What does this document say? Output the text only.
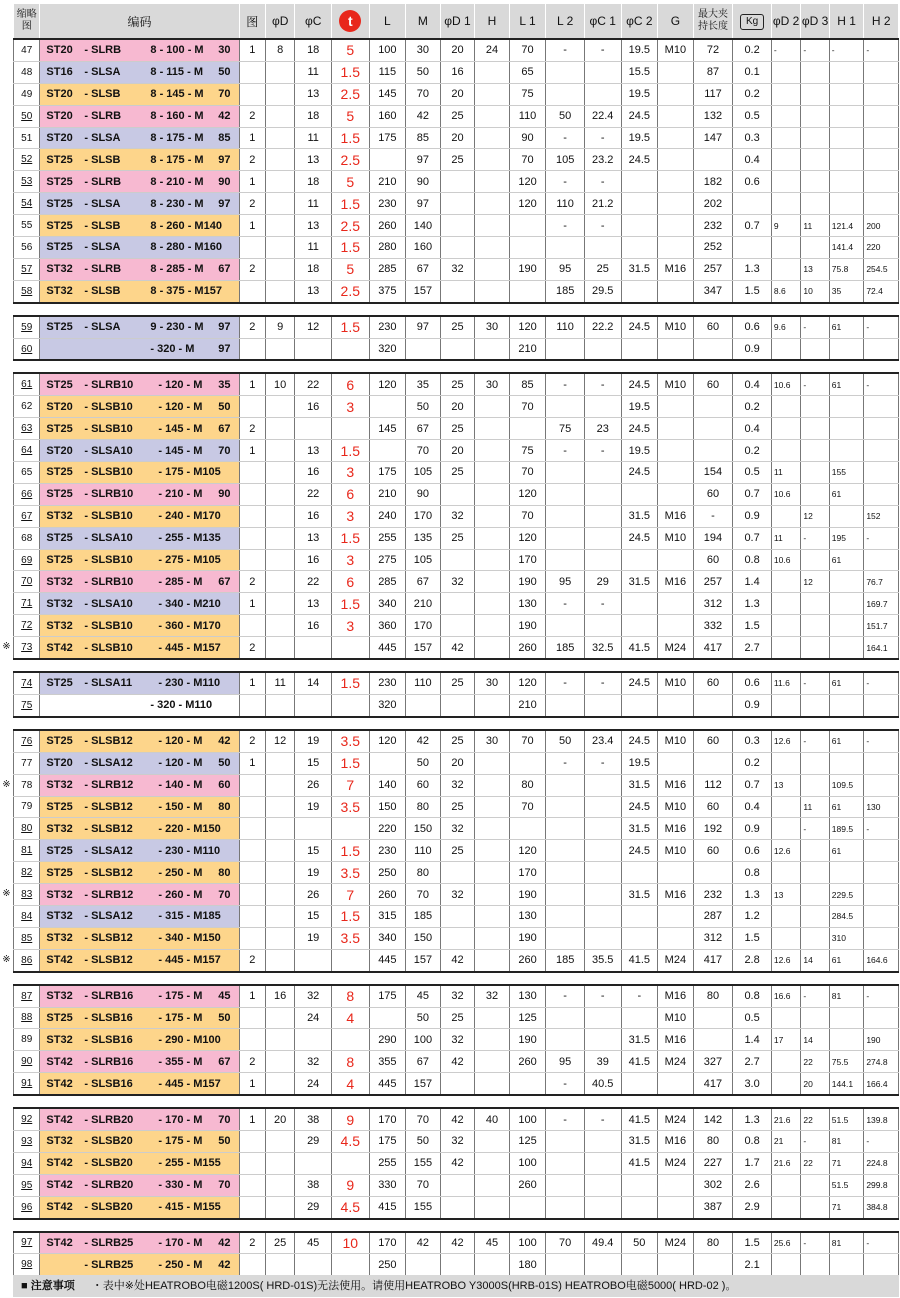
缩略图	编码	图	φD	φC	t	L	M	φD 1	H	L 1	L 2	φC 1	φC 2	G	最大夹持长度	Kg	φD 2	φD 3	H 1	H 2
47	ST20 - SLRB 8 - 100 - M 30	1	8	18	5	100	30	20	24	70	-	-	19.5	M10	72	0.2	-	-	-	-
48	ST16 - SLSA 8 - 115 - M 50			11	1.5	115	50	16		65			15.5		87	0.1				
49	ST20 - SLSB 8 - 145 - M 70			13	2.5	145	70	20		75			19.5		117	0.2				
50	ST20 - SLRB 8 - 160 - M 42	2		18	5	160	42	25		110	50	22.4	24.5		132	0.5				
51	ST20 - SLSA 8 - 175 - M 85	1		11	1.5	175	85	20		90	-	-	19.5		147	0.3				
52	ST25 - SLSB 8 - 175 - M 97	2		13	2.5		97	25		70	105	23.2	24.5			0.4				
53	ST25 - SLRB 8 - 210 - M 90	1		18	5	210	90			120	-	-			182	0.6				
54	ST25 - SLSA 8 - 230 - M 97	2		11	1.5	230	97			120	110	21.2			202					
55	ST25 - SLSB 8 - 260 - M140	1		13	2.5	260	140				-	-			232	0.7	9	11	121.4	200
56	ST25 - SLSA 8 - 280 - M160			11	1.5	280	160								252				141.4	220
57	ST32 - SLRB 8 - 285 - M 67	2		18	5	285	67	32		190	95	25	31.5	M16	257	1.3		13	75.8	254.5
58	ST32 - SLSB 8 - 375 - M157			13	2.5	375	157				185	29.5			347	1.5	8.6	10	35	72.4

59	ST25 - SLSA 9 - 230 - M 97	2	9	12	1.5	230	97	25	30	120	110	22.2	24.5	M10	60	0.6	9.6	-	61	-
60	- 320 - M 97					320				210						0.9				

61	ST25 - SLRB10 - 120 - M 35	1	10	22	6	120	35	25	30	85	-	-	24.5	M10	60	0.4	10.6	-	61	-
62	ST20 - SLSB10 - 120 - M 50			16	3		50	20		70			19.5			0.2				
63	ST25 - SLSB10 - 145 - M 67	2				145	67	25			75	23	24.5			0.4				
64	ST20 - SLSA10 - 145 - M 70	1		13	1.5		70	20		75	-	-	19.5			0.2				
65	ST25 - SLSB10 - 175 - M105			16	3	175	105	25		70			24.5		154	0.5	11		155	
66	ST25 - SLRB10 - 210 - M 90			22	6	210	90			120					60	0.7	10.6		61	
67	ST32 - SLSB10 - 240 - M170			16	3	240	170	32		70			31.5	M16	-	0.9		12		152
68	ST25 - SLSA10 - 255 - M135			13	1.5	255	135	25		120			24.5	M10	194	0.7	11	-	195	-
69	ST25 - SLSB10 - 275 - M105			16	3	275	105			170					60	0.8	10.6		61	
70	ST32 - SLRB10 - 285 - M 67	2		22	6	285	67	32		190	95	29	31.5	M16	257	1.4		12		76.7
71	ST32 - SLSA10 - 340 - M210	1		13	1.5	340	210			130	-	-			312	1.3				169.7
72	ST32 - SLSB10 - 360 - M170			16	3	360	170			190					332	1.5				151.7
73	ST42 - SLSB10 - 445 - M157	2				445	157	42		260	185	32.5	41.5	M24	417	2.7				164.1

74	ST25 - SLSA11 - 230 - M110	1	11	14	1.5	230	110	25	30	120	-	-	24.5	M10	60	0.6	11.6	-	61	-
75	- 320 - M110					320				210						0.9				

76	ST25 - SLSB12 - 120 - M 42	2	12	19	3.5	120	42	25	30	70	50	23.4	24.5	M10	60	0.3	12.6	-	61	-
77	ST20 - SLSA12 - 120 - M 50	1		15	1.5		50	20			-	-	19.5			0.2				
78	ST32 - SLRB12 - 140 - M 60			26	7	140	60	32		80			31.5	M16	112	0.7	13		109.5	
79	ST25 - SLSB12 - 150 - M 80			19	3.5	150	80	25		70			24.5	M10	60	0.4		11	61	130
80	ST32 - SLSB12 - 220 - M150					220	150	32					31.5	M16	192	0.9		-	189.5	-
81	ST25 - SLSA12 - 230 - M110			15	1.5	230	110	25		120			24.5	M10	60	0.6	12.6		61	
82	ST25 - SLSB12 - 250 - M 80			19	3.5	250	80			170						0.8				
83	ST32 - SLRB12 - 260 - M 70			26	7	260	70	32		190			31.5	M16	232	1.3	13		229.5	
84	ST32 - SLSA12 - 315 - M185			15	1.5	315	185			130					287	1.2			284.5	
85	ST32 - SLSB12 - 340 - M150			19	3.5	340	150			190					312	1.5			310	
86	ST42 - SLSB12 - 445 - M157	2				445	157	42		260	185	35.5	41.5	M24	417	2.8	12.6	14	61	164.6

87	ST32 - SLRB16 - 175 - M 45	1	16	32	8	175	45	32	32	130	-	-	-	M16	80	0.8	16.6	-	81	-
88	ST25 - SLSB16 - 175 - M 50			24	4		50	25		125				M10		0.5				
89	ST32 - SLSB16 - 290 - M100					290	100	32		190			31.5	M16		1.4	17	14		190
90	ST42 - SLRB16 - 355 - M 67	2		32	8	355	67	42		260	95	39	41.5	M24	327	2.7		22	75.5	274.8
91	ST42 - SLSB16 - 445 - M157	1		24	4	445	157				-	40.5			417	3.0		20	144.1	166.4

92	ST42 - SLRB20 - 170 - M 70	1	20	38	9	170	70	42	40	100	-	-	41.5	M24	142	1.3	21.6	22	51.5	139.8
93	ST32 - SLSB20 - 175 - M 50			29	4.5	175	50	32		125			31.5	M16	80	0.8	21	-	81	-
94	ST42 - SLSB20 - 255 - M155					255	155	42		100			41.5	M24	227	1.7	21.6	22	71	224.8
95	ST42 - SLRB20 - 330 - M 70			38	9	330	70			260					302	2.6			51.5	299.8
96	ST42 - SLSB20 - 415 - M155			29	4.5	415	155								387	2.9			71	384.8

97	ST42 - SLRB25 - 170 - M 42	2	25	45	10	170	42	42	45	100	70	49.4	50	M24	80	1.5	25.6	-	81	-
98	- SLRB25 - 250 - M 42					250				180						2.1				
※
※
※
※
■ 注意事项 ・表中※处HEATROBO电磁1200S( HRD-01S)无法使用。请使用HEATROBO Y3000S(HRB-01S) HEATROBO电磁5000( HRD-02 )。
